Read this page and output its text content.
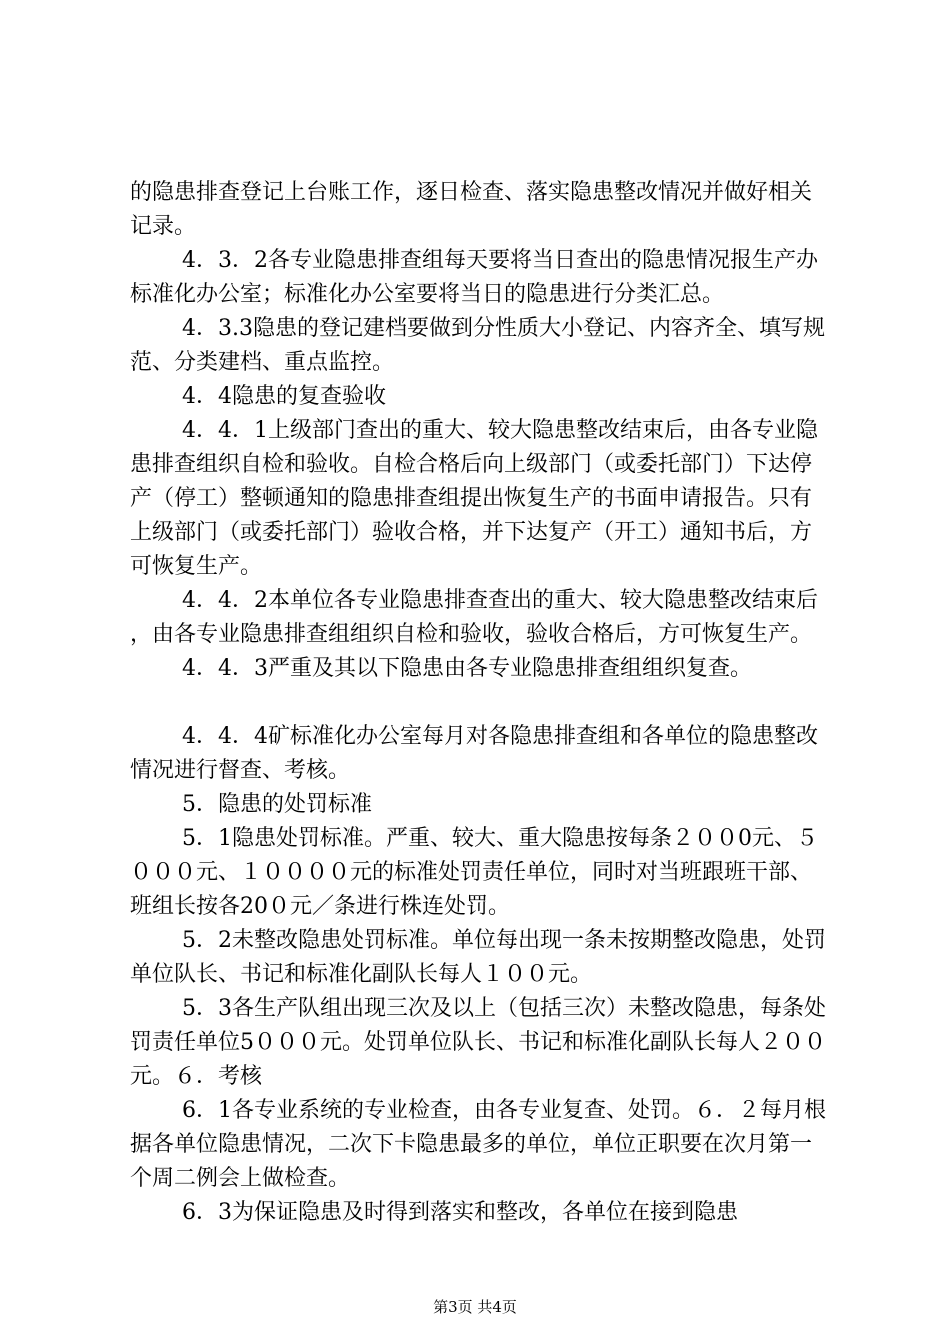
的隐患排查登记上台账工作，逐日检查、落实隐患整改情况并做好相关记录。

4．3．2各专业隐患排查组每天要将当日查出的隐患情况报生产办标准化办公室；标准化办公室要将当日的隐患进行分类汇总。

4．3.3隐患的登记建档要做到分性质大小登记、内容齐全、填写规范、分类建档、重点监控。

4．4隐患的复查验收

4．4．1上级部门查出的重大、较大隐患整改结束后，由各专业隐患排查组织自检和验收。自检合格后向上级部门（或委托部门）下达停产（停工）整顿通知的隐患排查组提出恢复生产的书面申请报告。只有上级部门（或委托部门）验收合格，并下达复产（开工）通知书后，方可恢复生产。

4．4．2本单位各专业隐患排查查出的重大、较大隐患整改结束后，由各专业隐患排查组组织自检和验收，验收合格后，方可恢复生产。

4．4．3严重及其以下隐患由各专业隐患排查组组织复查。

4．4．4矿标准化办公室每月对各隐患排查组和各单位的隐患整改情况进行督查、考核。

5．隐患的处罚标准

5．1隐患处罚标准。严重、较大、重大隐患按每条２００0元、５０００元、１００００元的标准处罚责任单位，同时对当班跟班干部、班组长按各20０元／条进行株连处罚。

5．2未整改隐患处罚标准。单位每出现一条未按期整改隐患，处罚单位队长、书记和标准化副队长每人１００元。

5．3各生产队组出现三次及以上（包括三次）未整改隐患，每条处罚责任单位5０００元。处罚单位队长、书记和标准化副队长每人２００元。６．考核

6．1各专业系统的专业检查，由各专业复查、处罚。６．２每月根据各单位隐患情况，二次下卡隐患最多的单位，单位正职要在次月第一个周二例会上做检查。

6．3为保证隐患及时得到落实和整改，各单位在接到隐患

第3页 共4页
